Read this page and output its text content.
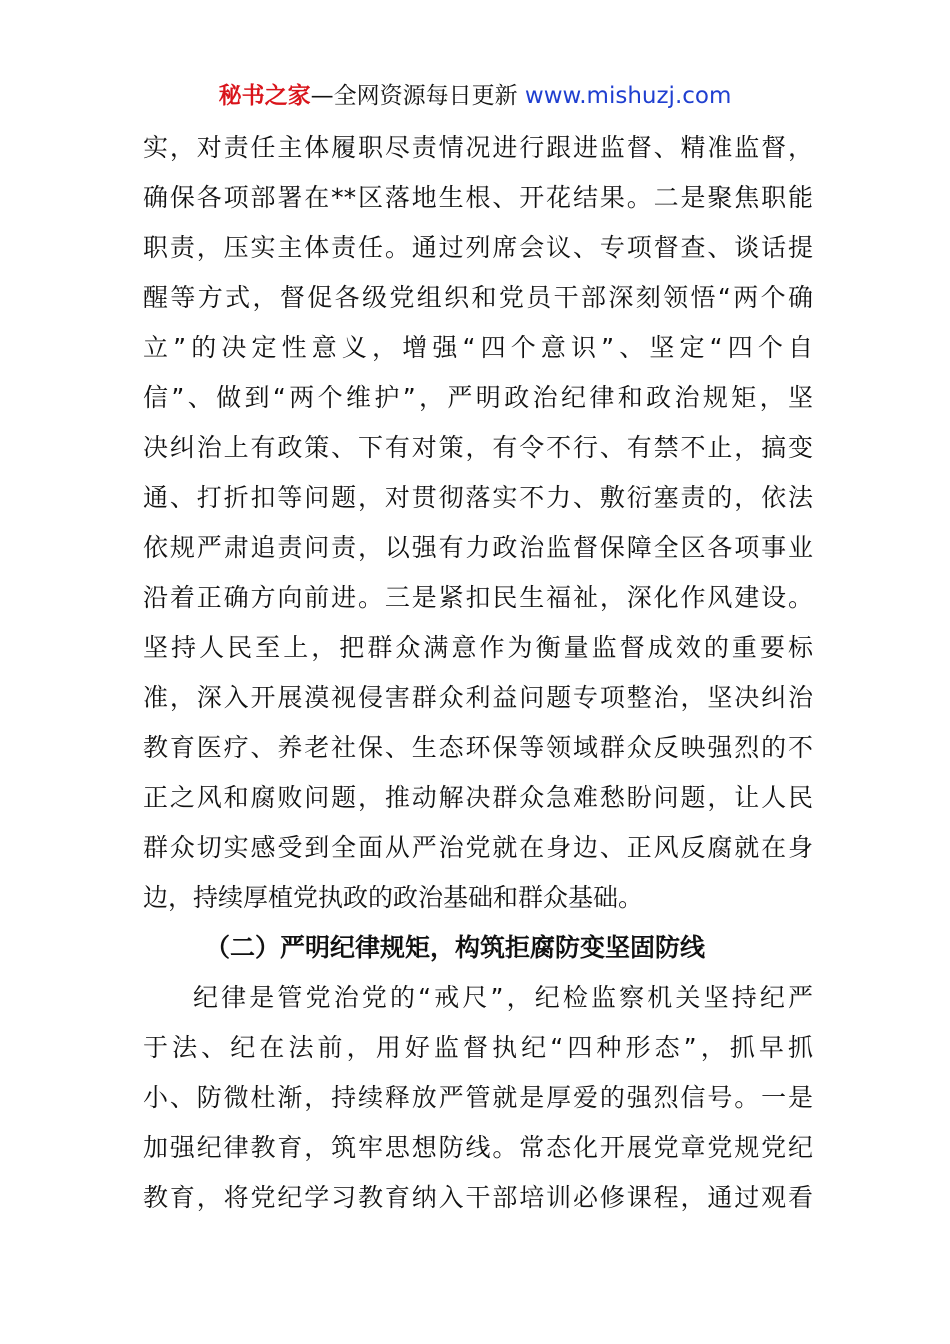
秘书之家—全网资源每日更新 www.mishuzj.com
实，对责任主体履职尽责情况进行跟进监督、精准监督，
确保各项部署在**区落地生根、开花结果。二是聚焦职能
职责，压实主体责任。通过列席会议、专项督查、谈话提
醒等方式，督促各级党组织和党员干部深刻领悟“两个确
立”的决定性意义，增强“四个意识”、坚定“四个自
信”、做到“两个维护”，严明政治纪律和政治规矩，坚
决纠治上有政策、下有对策，有令不行、有禁不止，搞变
通、打折扣等问题，对贯彻落实不力、敷衍塞责的，依法
依规严肃追责问责，以强有力政治监督保障全区各项事业
沿着正确方向前进。三是紧扣民生福祉，深化作风建设。
坚持人民至上，把群众满意作为衡量监督成效的重要标
准，深入开展漠视侵害群众利益问题专项整治，坚决纠治
教育医疗、养老社保、生态环保等领域群众反映强烈的不
正之风和腐败问题，推动解决群众急难愁盼问题，让人民
群众切实感受到全面从严治党就在身边、正风反腐就在身
边，持续厚植党执政的政治基础和群众基础。
（二）严明纪律规矩，构筑拒腐防变坚固防线
纪律是管党治党的“戒尺”，纪检监察机关坚持纪严
于法、纪在法前，用好监督执纪“四种形态”，抓早抓
小、防微杜渐，持续释放严管就是厚爱的强烈信号。一是
加强纪律教育，筑牢思想防线。常态化开展党章党规党纪
教育，将党纪学习教育纳入干部培训必修课程，通过观看
